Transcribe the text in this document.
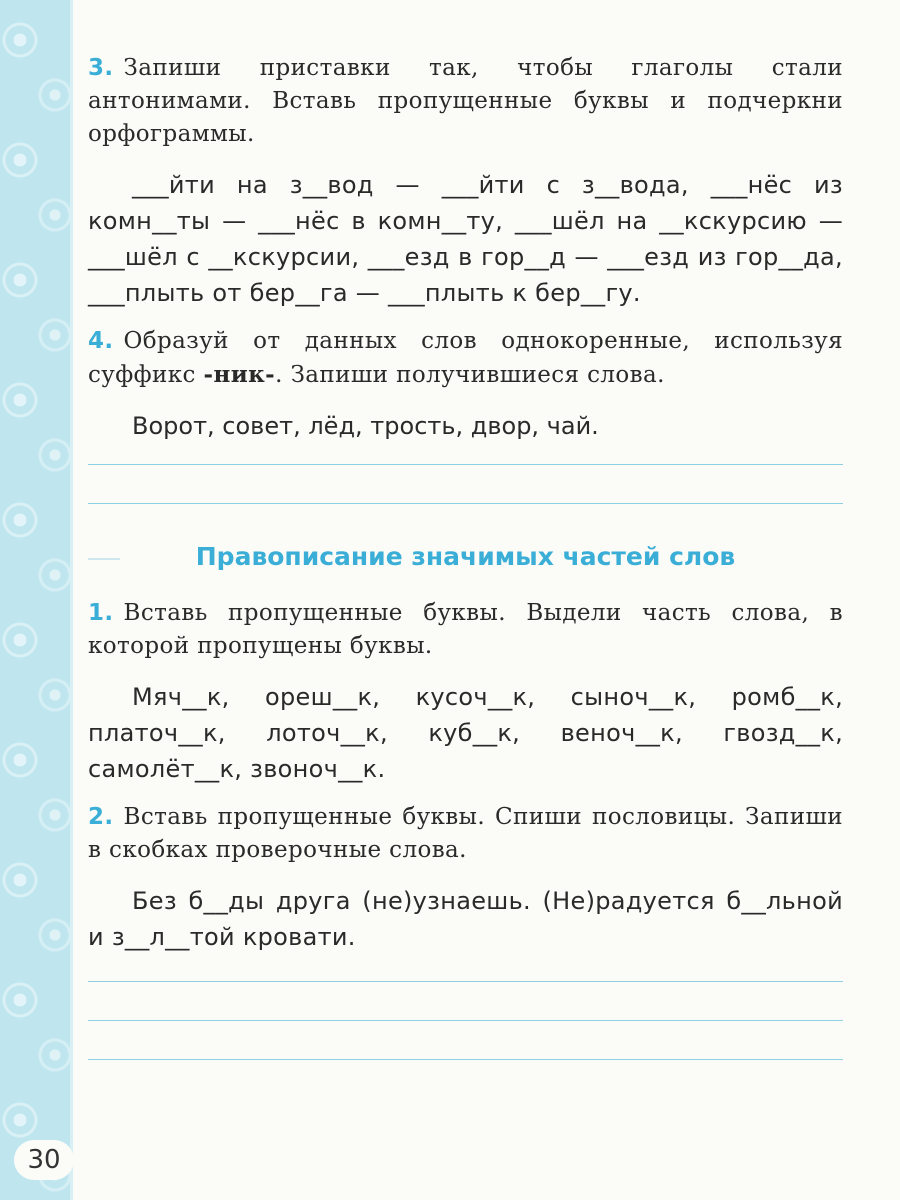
30

3. Запиши приставки так, чтобы глаголы стали антонимами. Вставь пропущенные буквы и подчеркни орфограммы.

___йти на з__вод — ___йти с з__вода, ___нёс из комн__ты — ___нёс в комн__ту, ___шёл на __кскурсию — ___шёл с __кскурсии, ___езд в гор__д — ___езд из гор__да, ___плыть от бер__га — ___плыть к бер__гу.

4. Образуй от данных слов однокоренные, используя суффикс -ник-. Запиши получившиеся слова.

Ворот, совет, лёд, трость, двор, чай.

Правописание значимых частей слов

1. Вставь пропущенные буквы. Выдели часть слова, в которой пропущены буквы.

Мяч__к, ореш__к, кусоч__к, сыноч__к, ромб__к, платоч__к, лоточ__к, куб__к, веноч__к, гвозд__к, самолёт__к, звоноч__к.

2. Вставь пропущенные буквы. Спиши пословицы. Запиши в скобках проверочные слова.

Без б__ды друга (не)узнаешь. (Не)радуется б__льной и з__л__той кровати.
